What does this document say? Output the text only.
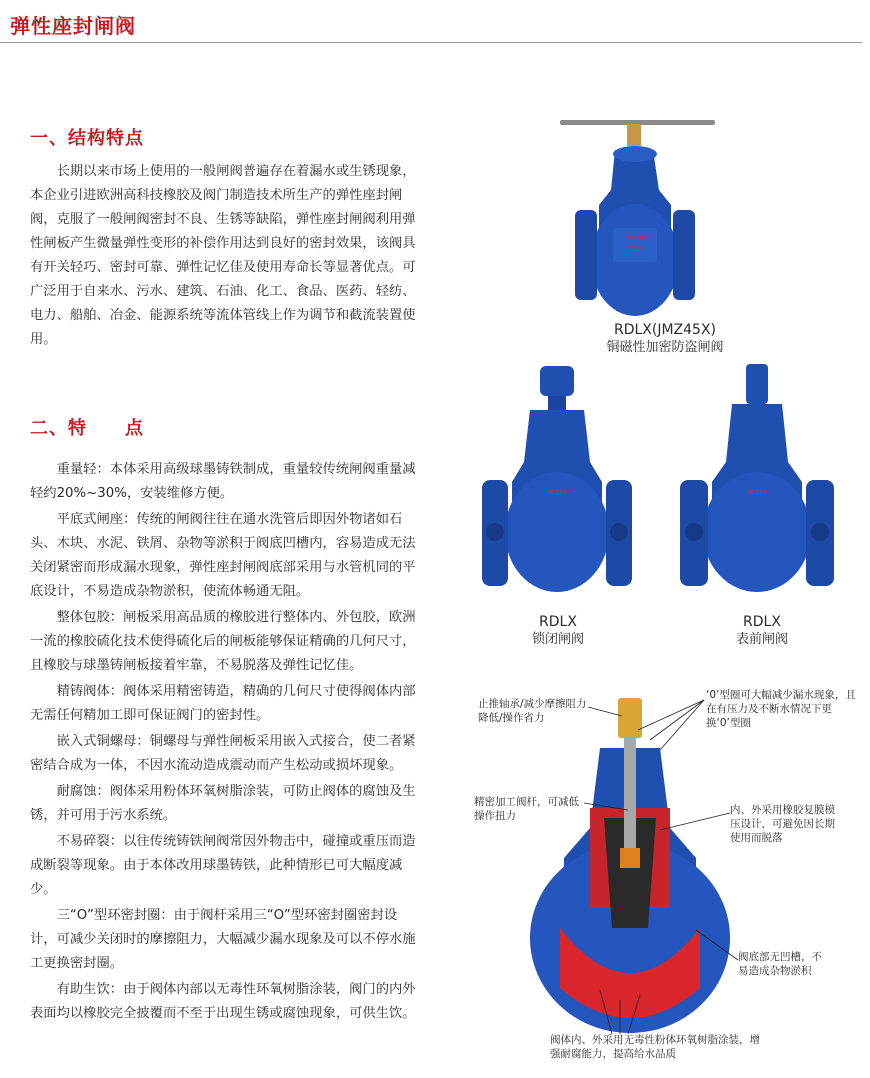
弹性座封闸阀
一、结构特点

长期以来市场上使用的一般闸阀普遍存在着漏水或生锈现象，本企业引进欧洲高科技橡胶及阀门制造技术所生产的弹性座封闸阀，克服了一般闸阀密封不良、生锈等缺陷，弹性座封闸阀利用弹性闸板产生微量弹性变形的补偿作用达到良好的密封效果，该阀具有开关轻巧、密封可靠、弹性记忆佳及使用寿命长等显著优点。可广泛用于自来水、污水、建筑、石油、化工、食品、医药、轻纺、电力、船舶、冶金、能源系统等流体管线上作为调节和截流装置使用。

二、特　　点

重量轻：本体采用高级球墨铸铁制成，重量较传统闸阀重量减轻约20%~30%，安装维修方便。

平底式闸座：传统的闸阀往往在通水洗管后即因外物诸如石头、木块、水泥、铁屑、杂物等淤积于阀底凹槽内，容易造成无法关闭紧密而形成漏水现象，弹性座封闸阀底部采用与水管机同的平底设计，不易造成杂物淤积，使流体畅通无阻。

整体包胶：闸板采用高品质的橡胶进行整体内、外包胶，欧洲一流的橡胶硫化技术使得硫化后的闸板能够保证精确的几何尺寸，且橡胶与球墨铸闸板接着牢靠，不易脱落及弹性记忆佳。

精铸阀体：阀体采用精密铸造，精确的几何尺寸使得阀体内部无需任何精加工即可保证阀门的密封性。

嵌入式铜螺母：铜螺母与弹性闸板采用嵌入式接合，使二者紧密结合成为一体，不因水流动造成震动而产生松动或损坏现象。

耐腐蚀：阀体采用粉体环氧树脂涂装，可防止阀体的腐蚀及生锈，并可用于污水系统。

不易碎裂：以往传统铸铁闸阀常因外物击中，碰撞或重压而造成断裂等现象。由于本体改用球墨铸铁，此种情形已可大幅度减少。

三“O”型环密封圈：由于阀杆采用三“O”型环密封圈密封设计，可减少关闭时的摩擦阻力，大幅减少漏水现象及可以不停水施工更换密封圈。

有助生饮：由于阀体内部以无毒性环氧树脂涂装，阀门的内外表面均以橡胶完全披覆而不至于出现生锈或腐蚀现象，可供生饮。

DN100
PN16
RDLX(JMZ45X)
铜磁性加密防盗闸阀
DN150
RDLX
锁闭闸阀
DN150
RDLX
表前闸阀
止推轴承/减少摩擦阻力降低/操作省力
‘0’型圈可大幅减少漏水现象，且在有压力及不断水情况下更换‘0’型圈
精密加工阀杆，可减低操作扭力	内、外采用橡胶复膜模压设计，可避免因长期使用而脱落
阀底部无凹槽，不易造成杂物淤积
阀体内、外采用无毒性粉体环氧树脂涂装，增强耐腐能力，提高给水品质
